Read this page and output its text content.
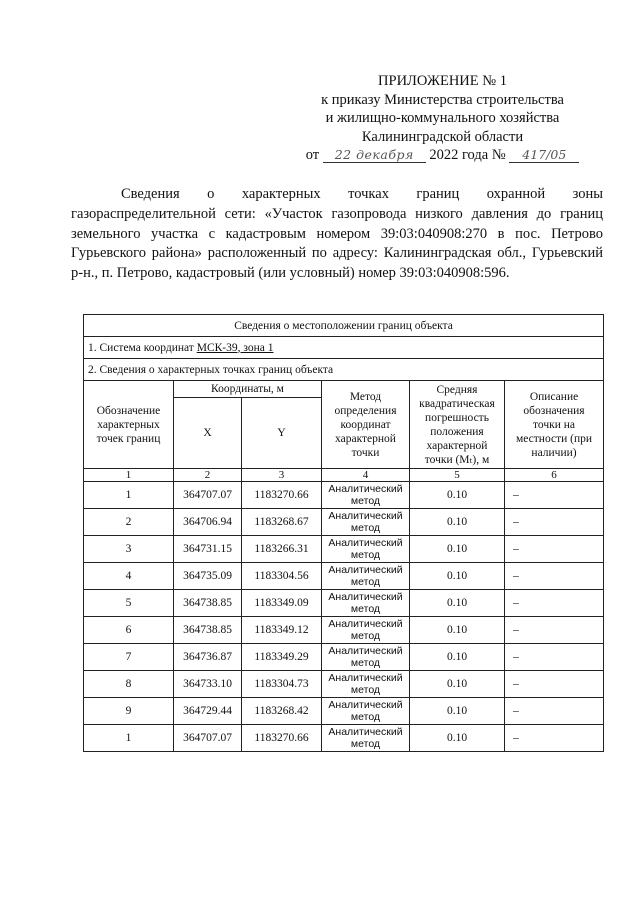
ПРИЛОЖЕНИЕ № 1
к приказу Министерства строительства
и жилищно-коммунального хозяйства
Калининградской области
от 22 декабря 2022 года № 417/05

Сведения о характерных точках границ охранной зоны газораспределительной сети: «Участок газопровода низкого давления до границ земельного участка с кадастровым номером 39:03:040908:270 в пос. Петрово Гурьевского района» расположенный по адресу: Калининградская обл., Гурьевский р-н., п. Петрово, кадастровый (или условный) номер 39:03:040908:596.

Сведения о местоположении границ объекта					
1. Система координат МСК-39, зона 1					
2. Сведения о характерных точках границ объекта					
Обозначение характерных точек границ	Координаты, м		Метод определения координат характерной точки	Средняя квадратическая погрешность положения характерной точки (Mₜ), м	Описание обозначения точки на местности (при наличии)
	X	Y			
1	2	3	4	5	6
1	364707.07	1183270.66	Аналитический метод	0.10	–
2	364706.94	1183268.67	Аналитический метод	0.10	–
3	364731.15	1183266.31	Аналитический метод	0.10	–
4	364735.09	1183304.56	Аналитический метод	0.10	–
5	364738.85	1183349.09	Аналитический метод	0.10	–
6	364738.85	1183349.12	Аналитический метод	0.10	–
7	364736.87	1183349.29	Аналитический метод	0.10	–
8	364733.10	1183304.73	Аналитический метод	0.10	–
9	364729.44	1183268.42	Аналитический метод	0.10	–
1	364707.07	1183270.66	Аналитический метод	0.10	–
